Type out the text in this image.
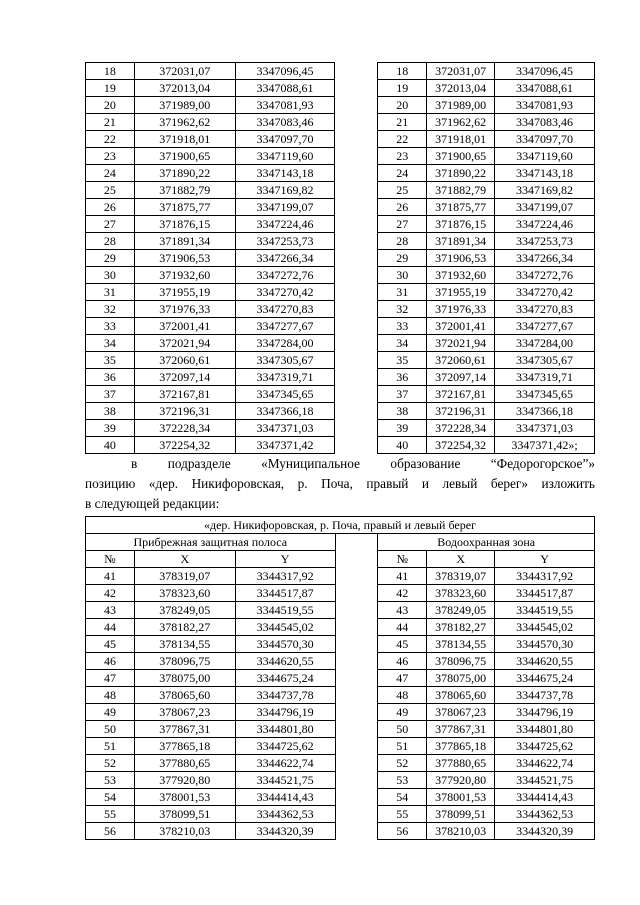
18	372031,07	3347096,45		18	372031,07	3347096,45
19	372013,04	3347088,61		19	372013,04	3347088,61
20	371989,00	3347081,93		20	371989,00	3347081,93
21	371962,62	3347083,46		21	371962,62	3347083,46
22	371918,01	3347097,70		22	371918,01	3347097,70
23	371900,65	3347119,60		23	371900,65	3347119,60
24	371890,22	3347143,18		24	371890,22	3347143,18
25	371882,79	3347169,82		25	371882,79	3347169,82
26	371875,77	3347199,07		26	371875,77	3347199,07
27	371876,15	3347224,46		27	371876,15	3347224,46
28	371891,34	3347253,73		28	371891,34	3347253,73
29	371906,53	3347266,34		29	371906,53	3347266,34
30	371932,60	3347272,76		30	371932,60	3347272,76
31	371955,19	3347270,42		31	371955,19	3347270,42
32	371976,33	3347270,83		32	371976,33	3347270,83
33	372001,41	3347277,67		33	372001,41	3347277,67
34	372021,94	3347284,00		34	372021,94	3347284,00
35	372060,61	3347305,67		35	372060,61	3347305,67
36	372097,14	3347319,71		36	372097,14	3347319,71
37	372167,81	3347345,65		37	372167,81	3347345,65
38	372196,31	3347366,18		38	372196,31	3347366,18
39	372228,34	3347371,03		39	372228,34	3347371,03
40	372254,32	3347371,42		40	372254,32	3347371,42»;

в подразделе «Муниципальное образование “Федорогорское”»

позицию «дер. Никифоровская, р. Поча, правый и левый берег» изложить

в следующей редакции:

«дер. Никифоровская, р. Поча, правый и левый берег						
Прибрежная защитная полоса				Водоохранная зона		
№	X	Y		№	X	Y
41	378319,07	3344317,92		41	378319,07	3344317,92
42	378323,60	3344517,87		42	378323,60	3344517,87
43	378249,05	3344519,55		43	378249,05	3344519,55
44	378182,27	3344545,02		44	378182,27	3344545,02
45	378134,55	3344570,30		45	378134,55	3344570,30
46	378096,75	3344620,55		46	378096,75	3344620,55
47	378075,00	3344675,24		47	378075,00	3344675,24
48	378065,60	3344737,78		48	378065,60	3344737,78
49	378067,23	3344796,19		49	378067,23	3344796,19
50	377867,31	3344801,80		50	377867,31	3344801,80
51	377865,18	3344725,62		51	377865,18	3344725,62
52	377880,65	3344622,74		52	377880,65	3344622,74
53	377920,80	3344521,75		53	377920,80	3344521,75
54	378001,53	3344414,43		54	378001,53	3344414,43
55	378099,51	3344362,53		55	378099,51	3344362,53
56	378210,03	3344320,39		56	378210,03	3344320,39
